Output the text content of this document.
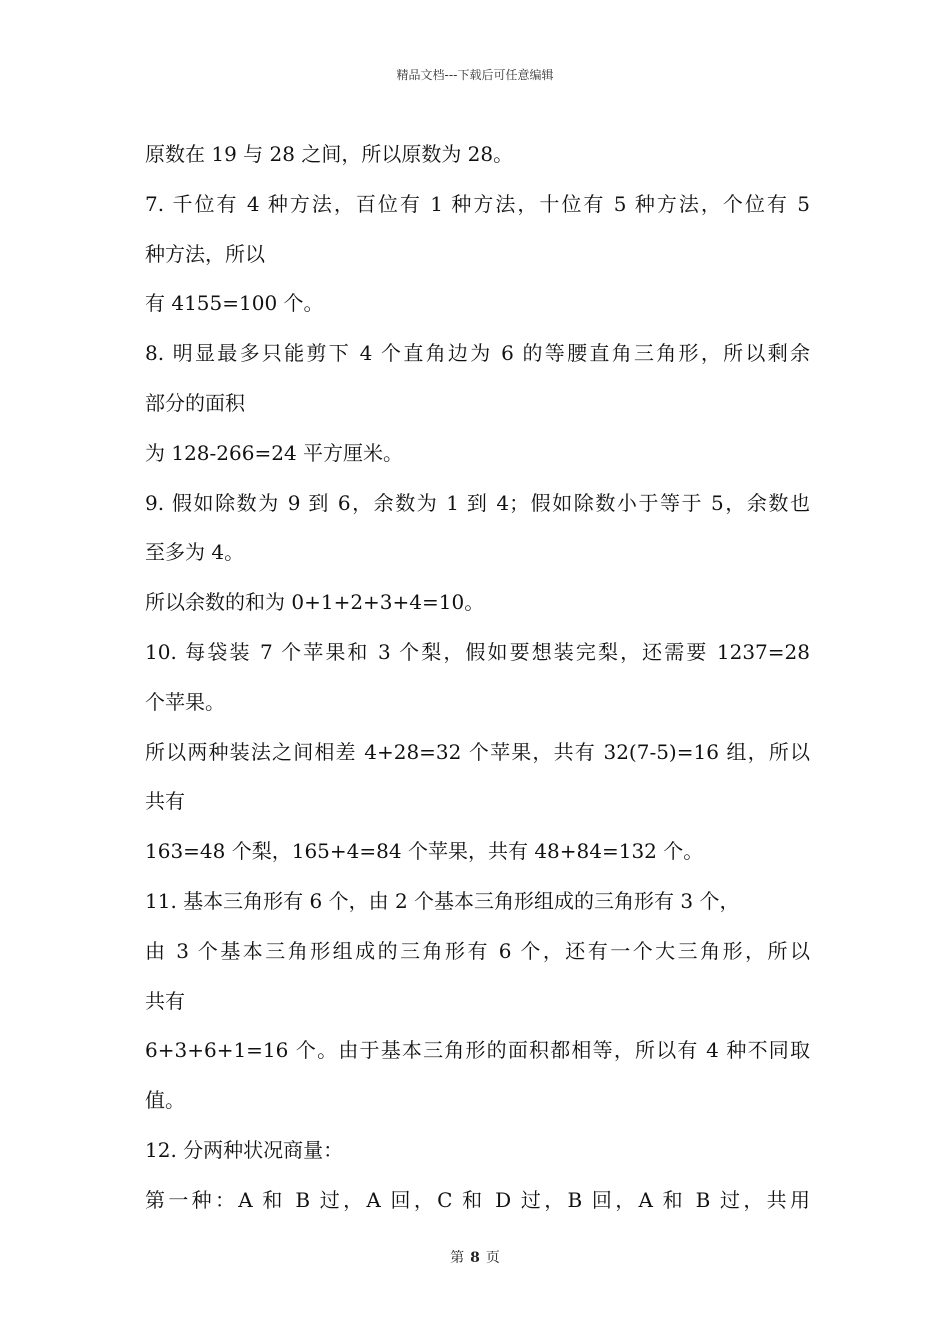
精品文档---下载后可任意编辑
原数在 19 与 28 之间，所以原数为 28。
7. 千位有 4 种方法，百位有 1 种方法，十位有 5 种方法，个位有 5
种方法，所以
有 4155=100 个。
8. 明显最多只能剪下 4 个直角边为 6 的等腰直角三角形，所以剩余
部分的面积
为 128-266=24 平方厘米。
9. 假如除数为 9 到 6，余数为 1 到 4；假如除数小于等于 5，余数也
至多为 4。
所以余数的和为 0+1+2+3+4=10。
10. 每袋装 7 个苹果和 3 个梨，假如要想装完梨，还需要 1237=28
个苹果。
所以两种装法之间相差 4+28=32 个苹果，共有 32(7-5)=16 组，所以
共有
163=48 个梨，165+4=84 个苹果，共有 48+84=132 个。
11. 基本三角形有 6 个，由 2 个基本三角形组成的三角形有 3 个，
由 3 个基本三角形组成的三角形有 6 个，还有一个大三角形，所以
共有
6+3+6+1=16 个。由于基本三角形的面积都相等，所以有 4 种不同取
值。
12. 分两种状况商量：
第一种：A 和 B 过，A 回，C 和 D 过，B 回，A 和 B 过，共用
第 8 页
